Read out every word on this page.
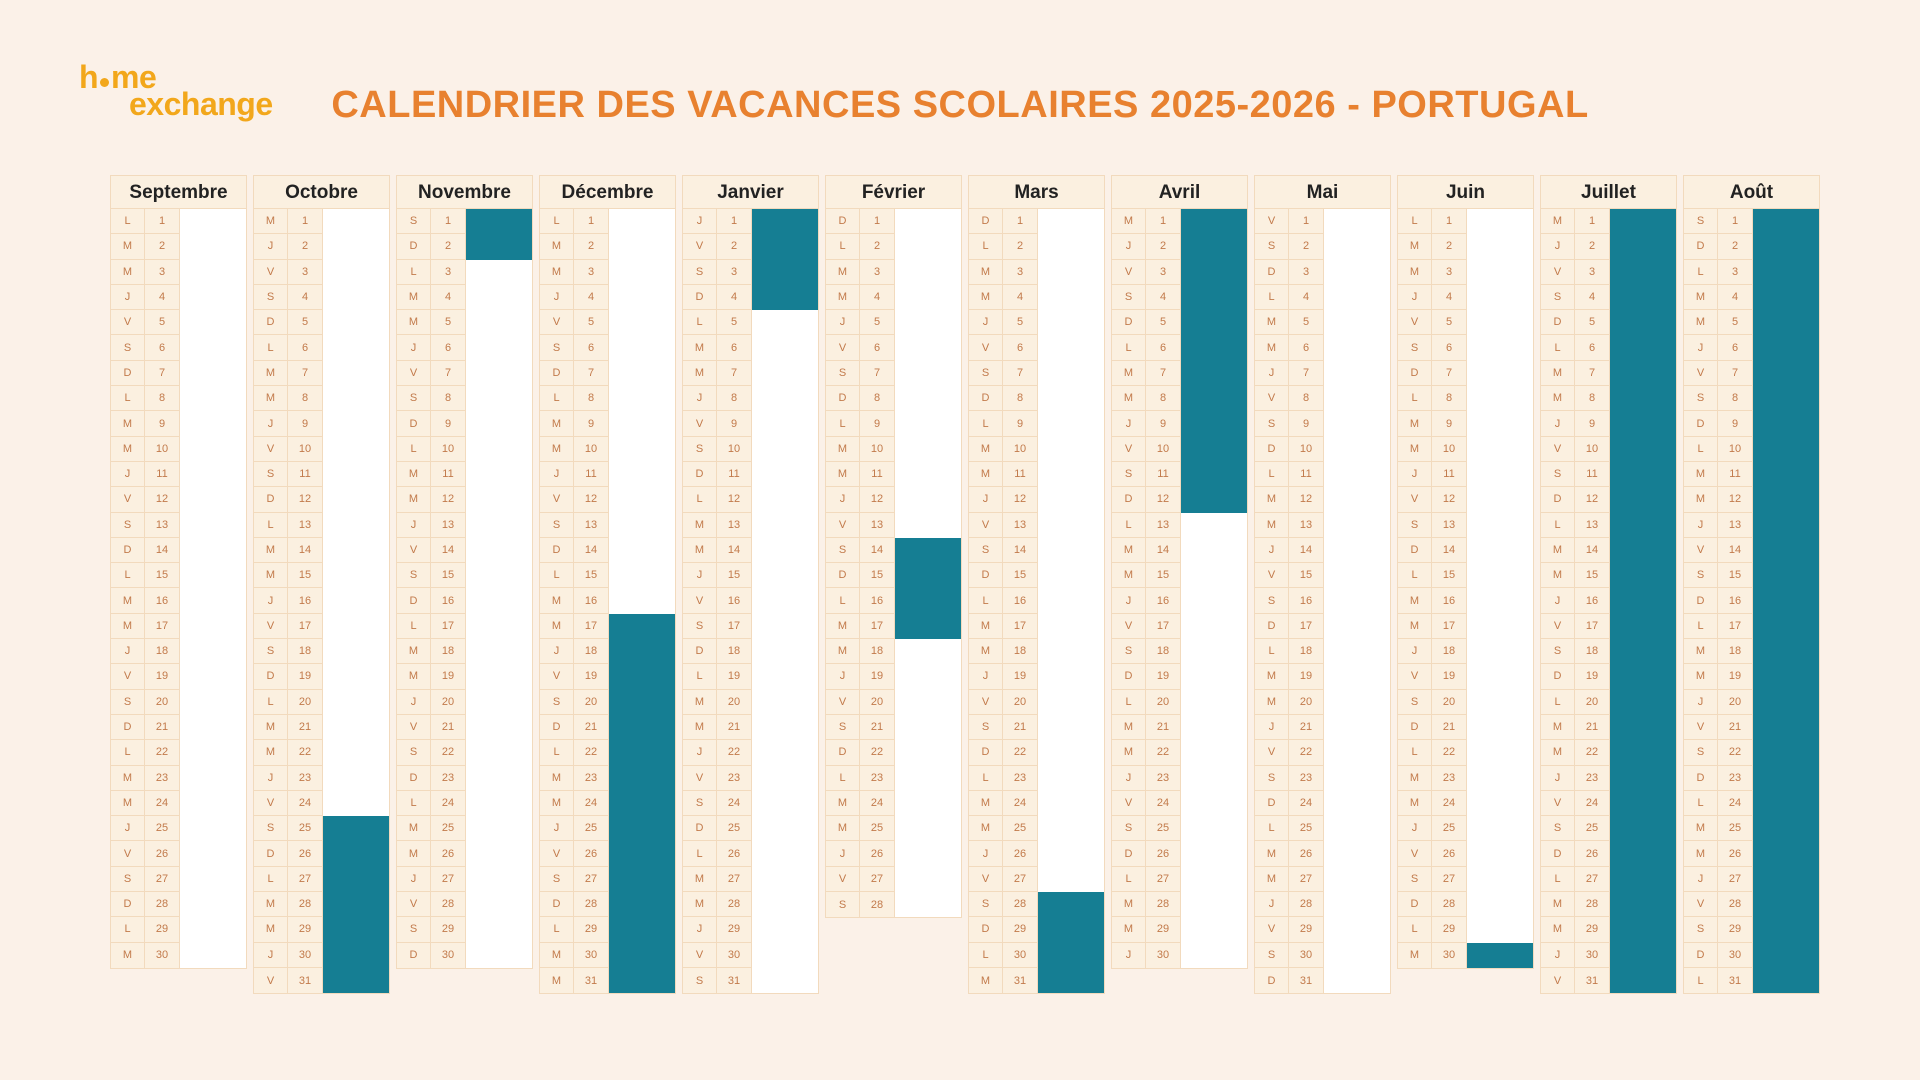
h me
exchange	CALENDRIER DES VACANCES SCOLAIRES 2025-2026 - PORTUGAL
Septembre
L	1
M	2
M	3
J	4
V	5
S	6
D	7
L	8
M	9
M	10
J	11
V	12
S	13
D	14
L	15
M	16
M	17
J	18
V	19
S	20
D	21
L	22
M	23
M	24
J	25
V	26
S	27
D	28
L	29
M	30
Octobre
M	1
J	2
V	3
S	4
D	5
L	6
M	7
M	8
J	9
V	10
S	11
D	12
L	13
M	14
M	15
J	16
V	17
S	18
D	19
L	20
M	21
M	22
J	23
V	24
S	25
D	26
L	27
M	28
M	29
J	30
V	31
Novembre
S	1
D	2
L	3
M	4
M	5
J	6
V	7
S	8
D	9
L	10
M	11
M	12
J	13
V	14
S	15
D	16
L	17
M	18
M	19
J	20
V	21
S	22
D	23
L	24
M	25
M	26
J	27
V	28
S	29
D	30
Décembre
L	1
M	2
M	3
J	4
V	5
S	6
D	7
L	8
M	9
M	10
J	11
V	12
S	13
D	14
L	15
M	16
M	17
J	18
V	19
S	20
D	21
L	22
M	23
M	24
J	25
V	26
S	27
D	28
L	29
M	30
M	31
Janvier
J	1
V	2
S	3
D	4
L	5
M	6
M	7
J	8
V	9
S	10
D	11
L	12
M	13
M	14
J	15
V	16
S	17
D	18
L	19
M	20
M	21
J	22
V	23
S	24
D	25
L	26
M	27
M	28
J	29
V	30
S	31
Février
D	1
L	2
M	3
M	4
J	5
V	6
S	7
D	8
L	9
M	10
M	11
J	12
V	13
S	14
D	15
L	16
M	17
M	18
J	19
V	20
S	21
D	22
L	23
M	24
M	25
J	26
V	27
S	28
Mars
D	1
L	2
M	3
M	4
J	5
V	6
S	7
D	8
L	9
M	10
M	11
J	12
V	13
S	14
D	15
L	16
M	17
M	18
J	19
V	20
S	21
D	22
L	23
M	24
M	25
J	26
V	27
S	28
D	29
L	30
M	31
Avril
M	1
J	2
V	3
S	4
D	5
L	6
M	7
M	8
J	9
V	10
S	11
D	12
L	13
M	14
M	15
J	16
V	17
S	18
D	19
L	20
M	21
M	22
J	23
V	24
S	25
D	26
L	27
M	28
M	29
J	30
Mai
V	1
S	2
D	3
L	4
M	5
M	6
J	7
V	8
S	9
D	10
L	11
M	12
M	13
J	14
V	15
S	16
D	17
L	18
M	19
M	20
J	21
V	22
S	23
D	24
L	25
M	26
M	27
J	28
V	29
S	30
D	31
Juin
L	1
M	2
M	3
J	4
V	5
S	6
D	7
L	8
M	9
M	10
J	11
V	12
S	13
D	14
L	15
M	16
M	17
J	18
V	19
S	20
D	21
L	22
M	23
M	24
J	25
V	26
S	27
D	28
L	29
M	30
Juillet
M	1
J	2
V	3
S	4
D	5
L	6
M	7
M	8
J	9
V	10
S	11
D	12
L	13
M	14
M	15
J	16
V	17
S	18
D	19
L	20
M	21
M	22
J	23
V	24
S	25
D	26
L	27
M	28
M	29
J	30
V	31
Août
S	1
D	2
L	3
M	4
M	5
J	6
V	7
S	8
D	9
L	10
M	11
M	12
J	13
V	14
S	15
D	16
L	17
M	18
M	19
J	20
V	21
S	22
D	23
L	24
M	25
M	26
J	27
V	28
S	29
D	30
L	31
